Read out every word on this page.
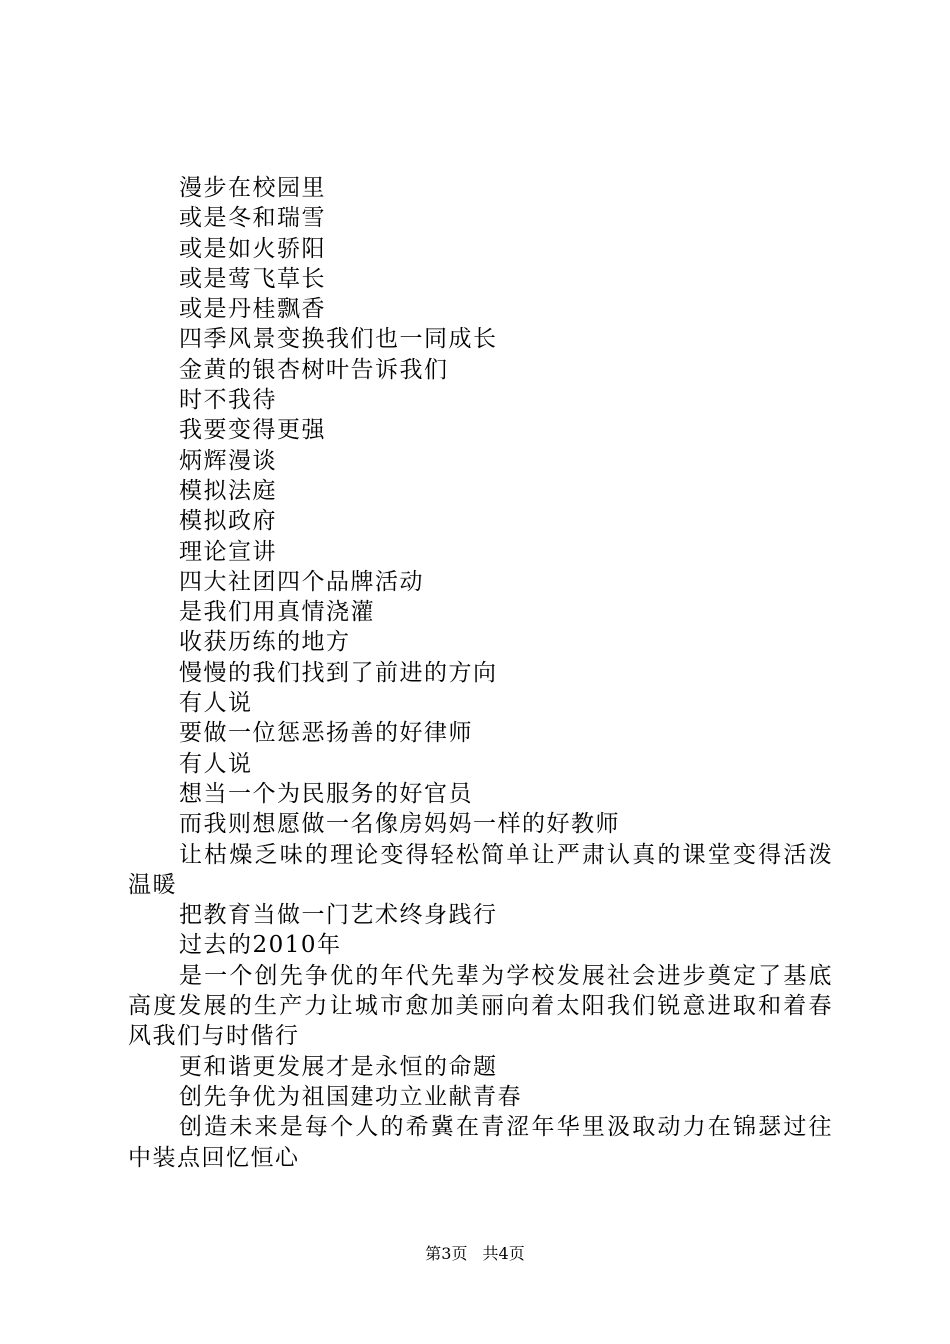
漫步在校园里

或是冬和瑞雪

或是如火骄阳

或是莺飞草长

或是丹桂飘香

四季风景变换我们也一同成长

金黄的银杏树叶告诉我们

时不我待

我要变得更强

炳辉漫谈

模拟法庭

模拟政府

理论宣讲

四大社团四个品牌活动

是我们用真情浇灌

收获历练的地方

慢慢的我们找到了前进的方向

有人说

要做一位惩恶扬善的好律师

有人说

想当一个为民服务的好官员

而我则想愿做一名像房妈妈一样的好教师

让枯燥乏味的理论变得轻松简单让严肃认真的课堂变得活泼温暖

把教育当做一门艺术终身践行

过去的2010年

是一个创先争优的年代先辈为学校发展社会进步奠定了基底高度发展的生产力让城市愈加美丽向着太阳我们锐意进取和着春风我们与时偕行

更和谐更发展才是永恒的命题

创先争优为祖国建功立业献青春

创造未来是每个人的希冀在青涩年华里汲取动力在锦瑟过往中装点回忆恒心

第3页 共4页
